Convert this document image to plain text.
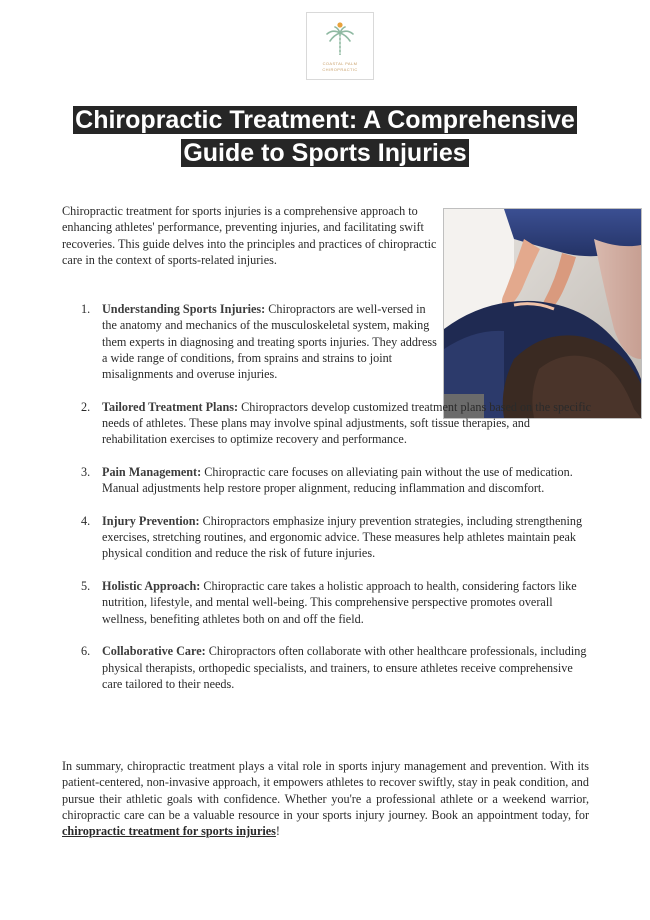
COASTAL PALM
CHIROPRACTIC
Chiropractic Treatment: A Comprehensive Guide to Sports Injuries

Chiropractic treatment for sports injuries is a comprehensive approach to enhancing athletes' performance, preventing injuries, and facilitating swift recoveries. This guide delves into the principles and practices of chiropractic care in the context of sports-related injuries.

1. Understanding Sports Injuries: Chiropractors are well-versed in the anatomy and mechanics of the musculoskeletal system, making them experts in diagnosing and treating sports injuries. They address a wide range of conditions, from sprains and strains to joint misalignments and overuse injuries.
2. Tailored Treatment Plans: Chiropractors develop customized treatment plans based on the specific needs of athletes. These plans may involve spinal adjustments, soft tissue therapies, and rehabilitation exercises to optimize recovery and performance.
3. Pain Management: Chiropractic care focuses on alleviating pain without the use of medication. Manual adjustments help restore proper alignment, reducing inflammation and discomfort.
4. Injury Prevention: Chiropractors emphasize injury prevention strategies, including strengthening exercises, stretching routines, and ergonomic advice. These measures help athletes maintain peak physical condition and reduce the risk of future injuries.
5. Holistic Approach: Chiropractic care takes a holistic approach to health, considering factors like nutrition, lifestyle, and mental well-being. This comprehensive perspective promotes overall wellness, benefiting athletes both on and off the field.
6. Collaborative Care: Chiropractors often collaborate with other healthcare professionals, including physical therapists, orthopedic specialists, and trainers, to ensure athletes receive comprehensive care tailored to their needs.

In summary, chiropractic treatment plays a vital role in sports injury management and prevention. With its patient-centered, non-invasive approach, it empowers athletes to recover swiftly, stay in peak condition, and pursue their athletic goals with confidence. Whether you're a professional athlete or a weekend warrior, chiropractic care can be a valuable resource in your sports injury journey. Book an appointment today, for chiropractic treatment for sports injuries!
